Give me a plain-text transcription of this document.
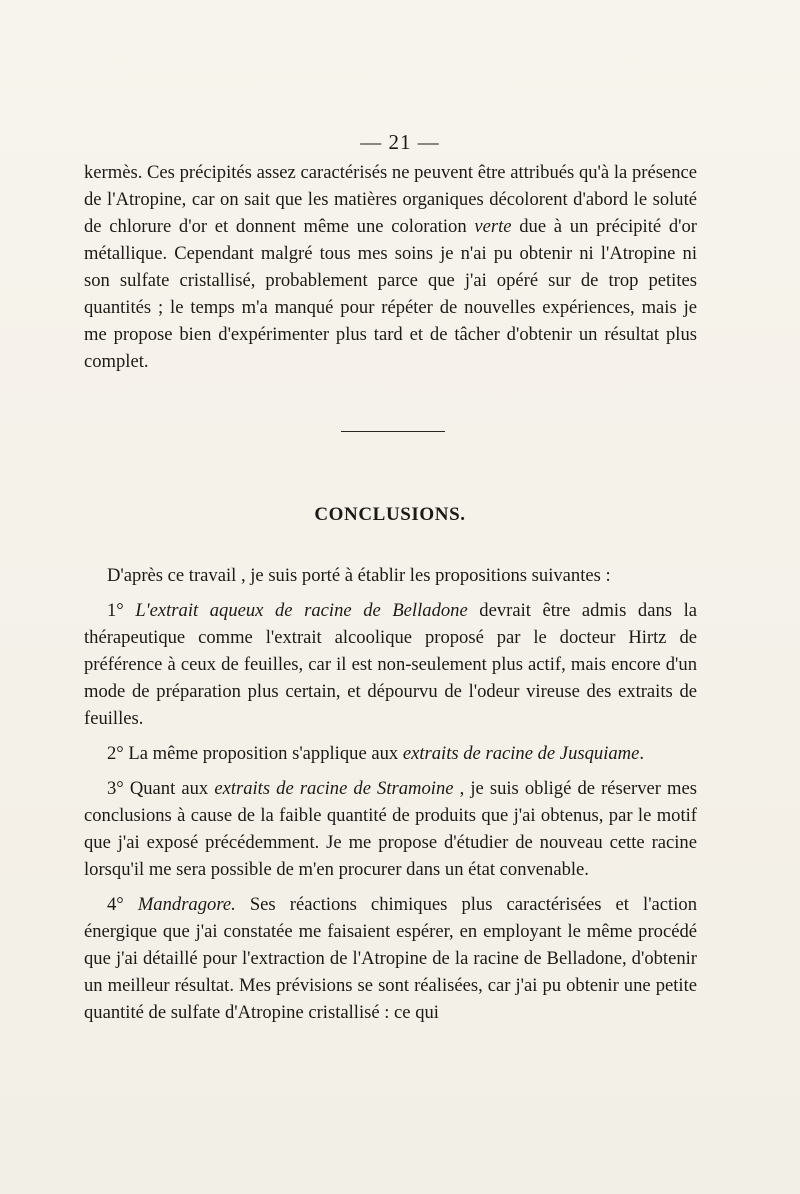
— 21 —

kermès. Ces précipités assez caractérisés ne peuvent être attribués qu'à la présence de l'Atropine, car on sait que les matières organiques décolorent d'abord le soluté de chlorure d'or et donnent même une coloration verte due à un précipité d'or métallique. Cependant malgré tous mes soins je n'ai pu obtenir ni l'Atropine ni son sulfate cristallisé, probablement parce que j'ai opéré sur de trop petites quantités ; le temps m'a manqué pour répéter de nouvelles expériences, mais je me propose bien d'expérimenter plus tard et de tâcher d'obtenir un résultat plus complet.

CONCLUSIONS.

D'après ce travail , je suis porté à établir les propositions suivantes :

1° L'extrait aqueux de racine de Belladone devrait être admis dans la thérapeutique comme l'extrait alcoolique proposé par le docteur Hirtz de préférence à ceux de feuilles, car il est non-seulement plus actif, mais encore d'un mode de préparation plus certain, et dépourvu de l'odeur vireuse des extraits de feuilles.

2° La même proposition s'applique aux extraits de racine de Jusquiame.

3° Quant aux extraits de racine de Stramoine , je suis obligé de réserver mes conclusions à cause de la faible quantité de produits que j'ai obtenus, par le motif que j'ai exposé précédemment. Je me propose d'étudier de nouveau cette racine lorsqu'il me sera possible de m'en procurer dans un état convenable.

4° Mandragore. Ses réactions chimiques plus caractérisées et l'action énergique que j'ai constatée me faisaient espérer, en employant le même procédé que j'ai détaillé pour l'extraction de l'Atropine de la racine de Belladone, d'obtenir un meilleur résultat. Mes prévisions se sont réalisées, car j'ai pu obtenir une petite quantité de sulfate d'Atropine cristallisé : ce qui
